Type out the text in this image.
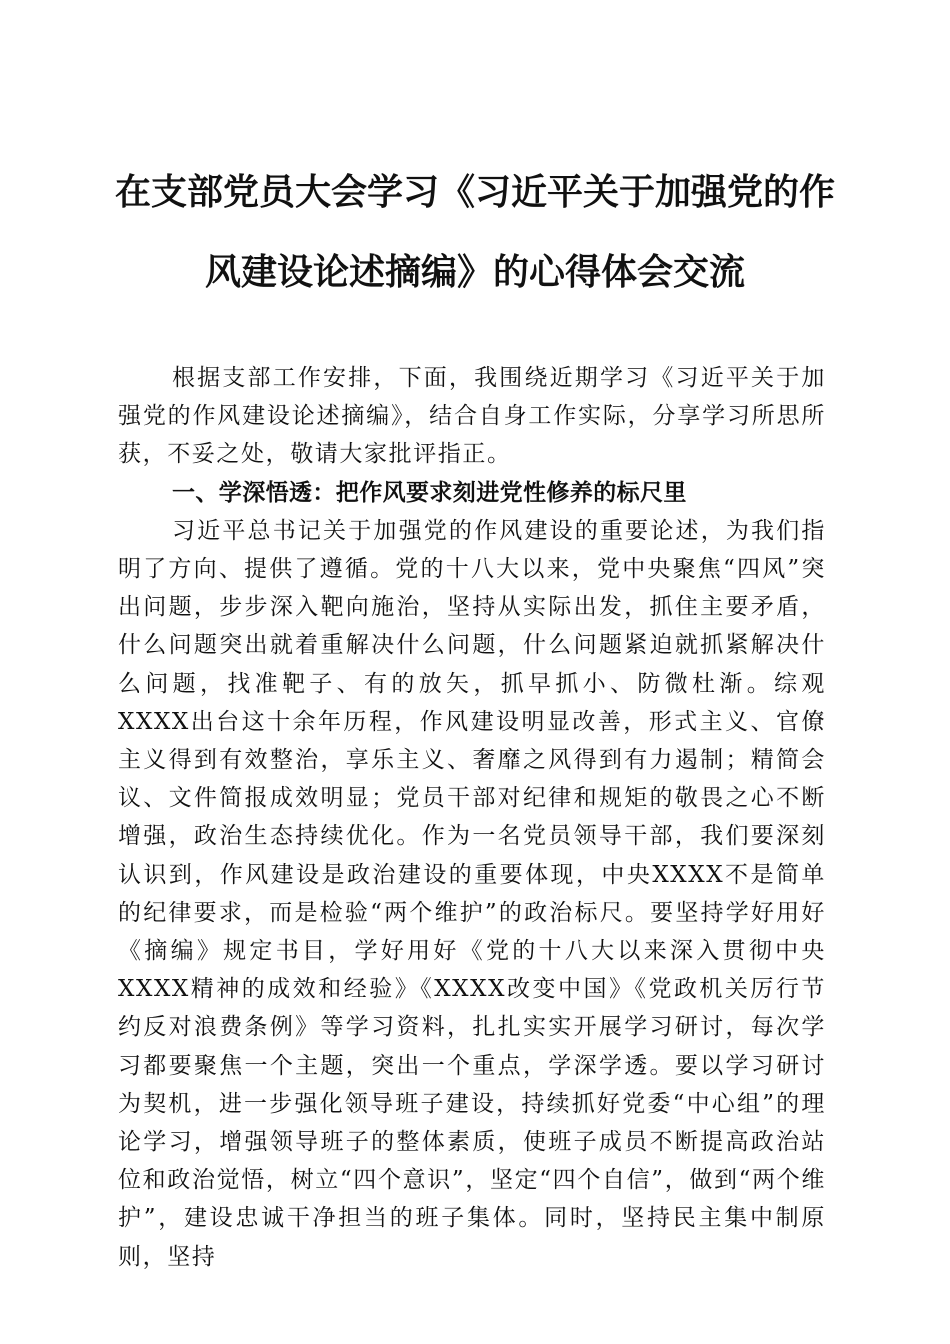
在支部党员大会学习《习近平关于加强党的作
风建设论述摘编》的心得体会交流

根据支部工作安排，下面，我围绕近期学习《习近平关于加强党的作风建设论述摘编》，结合自身工作实际，分享学习所思所获，不妥之处，敬请大家批评指正。

一、学深悟透：把作风要求刻进党性修养的标尺里

习近平总书记关于加强党的作风建设的重要论述，为我们指明了方向、提供了遵循。党的十八大以来，党中央聚焦“四风”突出问题，步步深入靶向施治，坚持从实际出发，抓住主要矛盾，什么问题突出就着重解决什么问题，什么问题紧迫就抓紧解决什么问题，找准靶子、有的放矢，抓早抓小、防微杜渐。综观XXXX出台这十余年历程，作风建设明显改善，形式主义、官僚主义得到有效整治，享乐主义、奢靡之风得到有力遏制；精简会议、文件简报成效明显；党员干部对纪律和规矩的敬畏之心不断增强，政治生态持续优化。作为一名党员领导干部，我们要深刻认识到，作风建设是政治建设的重要体现，中央XXXX不是简单的纪律要求，而是检验“两个维护”的政治标尺。要坚持学好用好《摘编》规定书目，学好用好《党的十八大以来深入贯彻中央XXXX精神的成效和经验》《XXXX改变中国》《党政机关厉行节约反对浪费条例》等学习资料，扎扎实实开展学习研讨，每次学习都要聚焦一个主题，突出一个重点，学深学透。要以学习研讨为契机，进一步强化领导班子建设，持续抓好党委“中心组”的理论学习，增强领导班子的整体素质，使班子成员不断提高政治站位和政治觉悟，树立“四个意识”，坚定“四个自信”，做到“两个维护”，建设忠诚干净担当的班子集体。同时，坚持民主集中制原则，坚持
